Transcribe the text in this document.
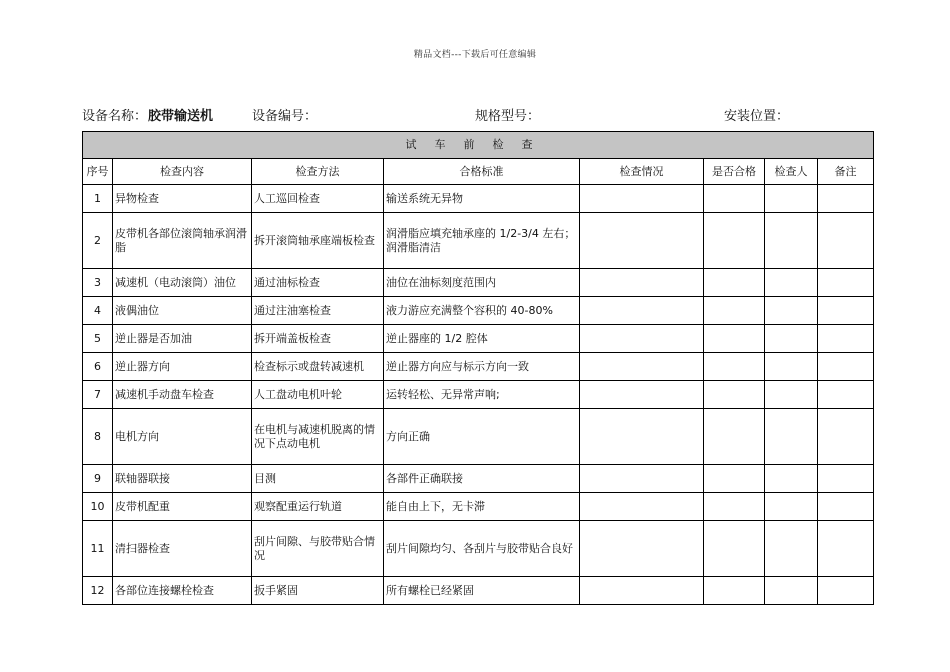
精品文档---下载后可任意编辑
设备名称： 胶带输送机	设备编号：	规格型号：	安装位置：
试车前检查							
序号	检查内容	检查方法	合格标准	检查情况	是否合格	检查人	备注
1	异物检查	人工巡回检查	输送系统无异物				
2	皮带机各部位滚筒轴承润滑脂	拆开滚筒轴承座端板检查	润滑脂应填充轴承座的 1/2-3/4 左右；润滑脂清洁				
3	减速机（电动滚筒）油位	通过油标检查	油位在油标刻度范围内				
4	液偶油位	通过注油塞检查	液力游应充满整个容积的 40-80%				
5	逆止器是否加油	拆开端盖板检查	逆止器座的 1/2 腔体				
6	逆止器方向	检查标示或盘转减速机	逆止器方向应与标示方向一致				
7	减速机手动盘车检查	人工盘动电机叶轮	运转轻松、无异常声响;				
8	电机方向	在电机与减速机脱离的情况下点动电机	方向正确				
9	联轴器联接	目测	各部件正确联接				
10	皮带机配重	观察配重运行轨道	能自由上下，无卡滞				
11	清扫器检查	刮片间隙、与胶带贴合情况	刮片间隙均匀、各刮片与胶带贴合良好				
12	各部位连接螺栓检查	扳手紧固	所有螺栓已经紧固				
